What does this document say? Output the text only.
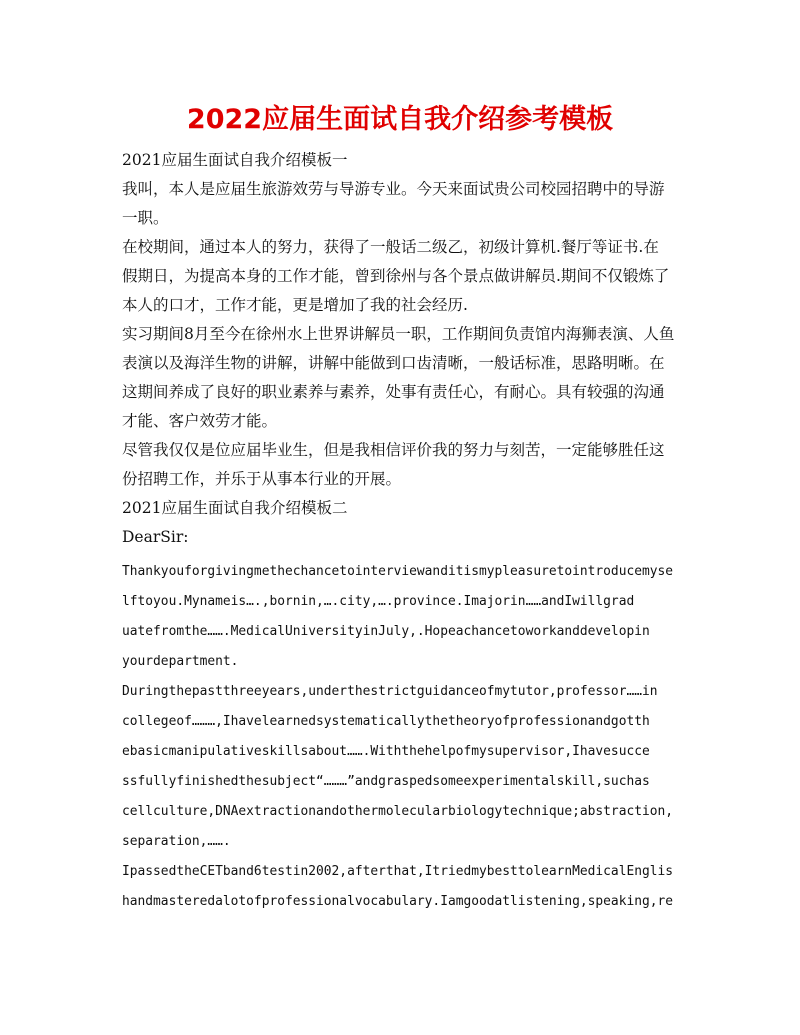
2022应届生面试自我介绍参考模板
2021应届生面试自我介绍模板一
我叫，本人是应届生旅游效劳与导游专业。今天来面试贵公司校园招聘中的导游
一职。
在校期间，通过本人的努力，获得了一般话二级乙，初级计算机.餐厅等证书.在
假期日，为提高本身的工作才能，曾到徐州与各个景点做讲解员.期间不仅锻炼了
本人的口才，工作才能，更是增加了我的社会经历.
实习期间8月至今在徐州水上世界讲解员一职，工作期间负责馆内海狮表演、人鱼
表演以及海洋生物的讲解，讲解中能做到口齿清晰，一般话标准，思路明晰。在
这期间养成了良好的职业素养与素养，处事有责任心，有耐心。具有较强的沟通
才能、客户效劳才能。
尽管我仅仅是位应届毕业生，但是我相信评价我的努力与刻苦，一定能够胜任这
份招聘工作，并乐于从事本行业的开展。
2021应届生面试自我介绍模板二
DearSir:
Thankyouforgivingmethechancetointerviewanditismypleasuretointroducemyse
lftoyou.Mynameis….,bornin,….city,….province.Imajorin……andIwillgrad
uatefromthe…….MedicalUniversityinJuly,.Hopeachancetoworkanddevelopin
yourdepartment.
Duringthepastthreeyears,underthestrictguidanceofmytutor,professor……in
collegeof………,Ihavelearnedsystematicallythetheoryofprofessionandgotth
ebasicmanipulativeskillsabout…….Withthehelpofmysupervisor,Ihavesucce
ssfullyfinishedthesubject“………”andgraspedsomeexperimentalskill,suchas
cellculture,DNAextractionandothermolecularbiologytechnique;abstraction,
separation,…….
IpassedtheCETband6testin2002,afterthat,ItriedmybesttolearnMedicalEnglis
handmasteredalotofprofessionalvocabulary.Iamgoodatlistening,speaking,re
